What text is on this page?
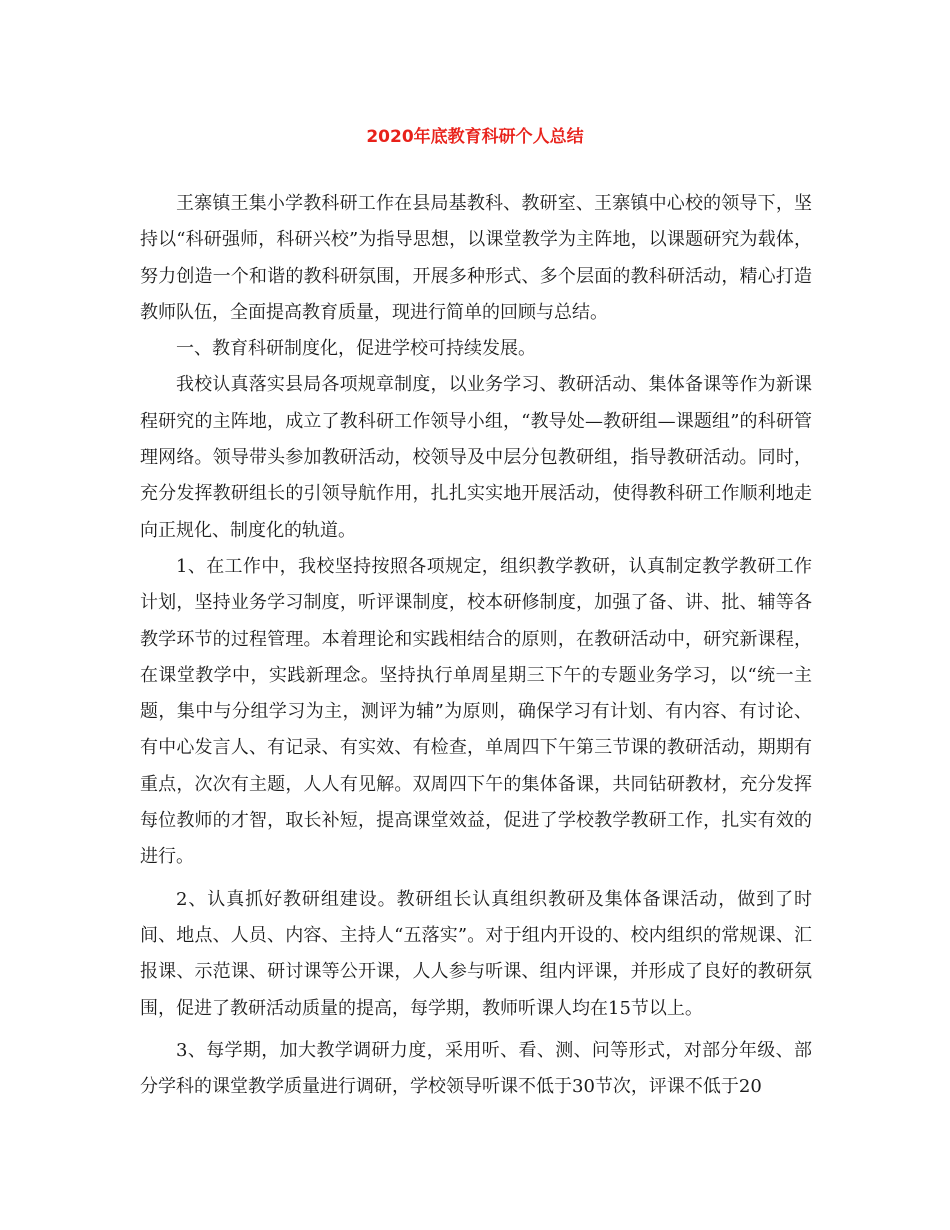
2020年底教育科研个人总结

王寨镇王集小学教科研工作在县局基教科、教研室、王寨镇中心校的领导下，坚持以“科研强师，科研兴校”为指导思想，以课堂教学为主阵地，以课题研究为载体，努力创造一个和谐的教科研氛围，开展多种形式、多个层面的教科研活动，精心打造教师队伍，全面提高教育质量，现进行简单的回顾与总结。

一、教育科研制度化，促进学校可持续发展。

我校认真落实县局各项规章制度，以业务学习、教研活动、集体备课等作为新课程研究的主阵地，成立了教科研工作领导小组，“教导处—教研组—课题组”的科研管理网络。领导带头参加教研活动，校领导及中层分包教研组，指导教研活动。同时，充分发挥教研组长的引领导航作用，扎扎实实地开展活动，使得教科研工作顺利地走向正规化、制度化的轨道。

1、在工作中，我校坚持按照各项规定，组织教学教研，认真制定教学教研工作计划，坚持业务学习制度，听评课制度，校本研修制度，加强了备、讲、批、辅等各教学环节的过程管理。本着理论和实践相结合的原则，在教研活动中，研究新课程，在课堂教学中，实践新理念。坚持执行单周星期三下午的专题业务学习，以“统一主题，集中与分组学习为主，测评为辅”为原则，确保学习有计划、有内容、有讨论、有中心发言人、有记录、有实效、有检查，单周四下午第三节课的教研活动，期期有重点，次次有主题，人人有见解。双周四下午的集体备课，共同钻研教材，充分发挥每位教师的才智，取长补短，提高课堂效益，促进了学校教学教研工作，扎实有效的进行。

2、认真抓好教研组建设。教研组长认真组织教研及集体备课活动，做到了时间、地点、人员、内容、主持人“五落实”。对于组内开设的、校内组织的常规课、汇报课、示范课、研讨课等公开课，人人参与听课、组内评课，并形成了良好的教研氛围，促进了教研活动质量的提高，每学期，教师听课人均在15节以上。

3、每学期，加大教学调研力度，采用听、看、测、问等形式，对部分年级、部分学科的课堂教学质量进行调研，学校领导听课不低于30节次，评课不低于20
